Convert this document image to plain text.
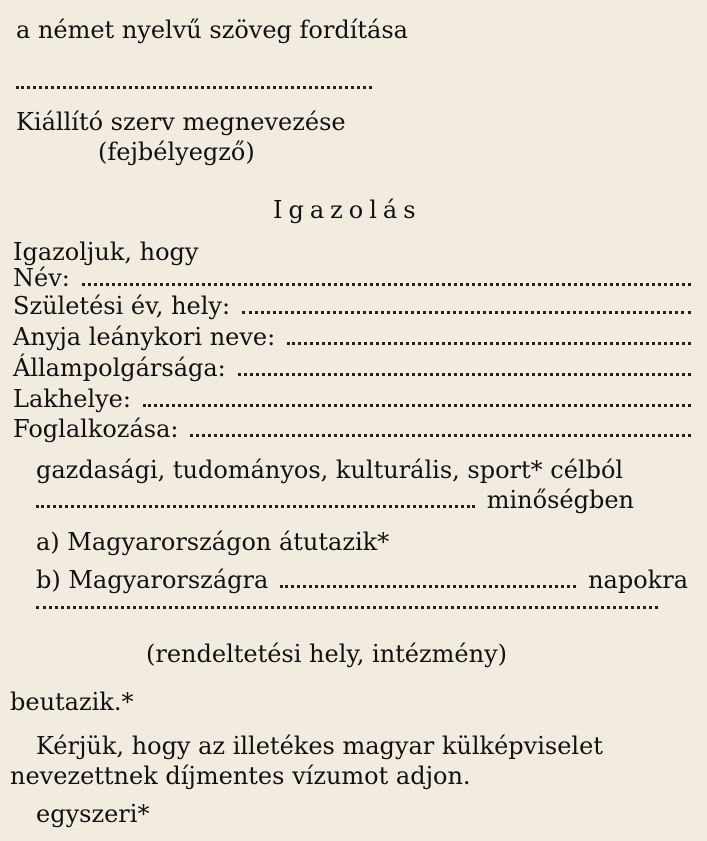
a német nyelvű szöveg fordítása
Kiállító szerv megnevezése
(fejbélyegző)
Igazolás
Igazoljuk, hogy
Név:
Születési év, hely:
Anyja leánykori neve:
Állampolgársága:
Lakhelye:
Foglalkozása:
gazdasági, tudományos, kulturális, sport* célból
minőségben
a) Magyarországon átutazik*
b) Magyarországra	napokra
(rendeltetési hely, intézmény)
beutazik.*
Kérjük, hogy az illetékes magyar külképviselet
nevezettnek díjmentes vízumot adjon.
egyszeri*
